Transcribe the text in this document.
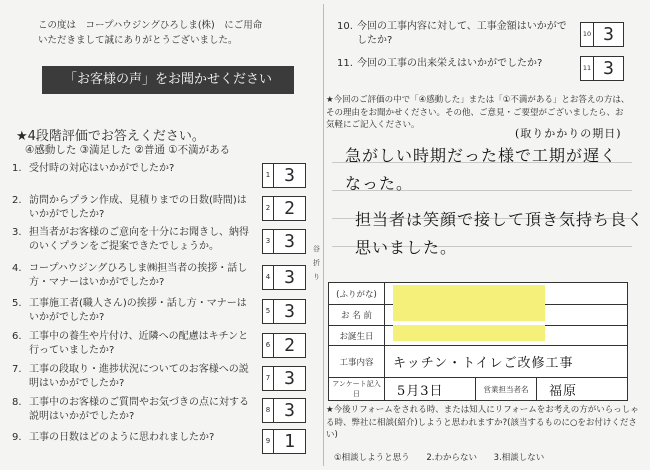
この度は　コープハウジングひろしま(株)　にご用命
いただきまして誠にありがとうございました。
「お客様の声」をお聞かせください
★4段階評価でお答えください。
④感動した ③満足した ②普通 ①不満がある
1. 受付時の対応はいかがでしたか?
1 3
2. 訪問からプラン作成、見積りまでの日数(時間)はいかがでしたか?
2 2
3. 担当者がお客様のご意向を十分にお聞きし、納得のいくプランをご提案できたでしょうか。	3 3
4. コープハウジングひろしま㈱担当者の挨拶・話し方・マナーはいかがでしたか?	4 3
5. 工事施工者(職人さん)の挨拶・話し方・マナーはいかがでしたか?
5 3
6. 工事中の養生や片付け、近隣への配慮はキチンと行っていましたか?	6 2
7. 工事の段取り・進捗状況についてのお客様への説明はいかがでしたか?	7 3
8. 工事中のお客様のご質問やお気づきの点に対する説明はいかがでしたか?
8 3
9. 工事の日数はどのように思われましたか?	9 1
谷折り
10. 今回の工事内容に対して、工事金額はいかがでしたか?
10 3
11. 今回の工事の出来栄えはいかがでしたか?	11 3
★今回のご評価の中で「④感動した」または「①不満がある」とお答えの方は、その理由をお聞かせください。その他、ご意見・ご要望がございましたら、お気軽にご記入ください。
(取りかかりの期日)
急がしい時期だった様で工期が遅く
なった。
担当者は笑顔で接して頂き気持ち良く
思いました。
(ふりがな)
お 名 前
お誕生日
工事内容	キッチン・トイレご改修工事
アンケート記入日	5月3日	営業担当者名	福原
★今後リフォームをされる時、または知人にリフォームをお考えの方がいらっしゃる時、弊社に相談(紹介)しようと思われますか?(該当するものに○をお付けください)
①相談しようと思う 2.わからない 3.相談しない
